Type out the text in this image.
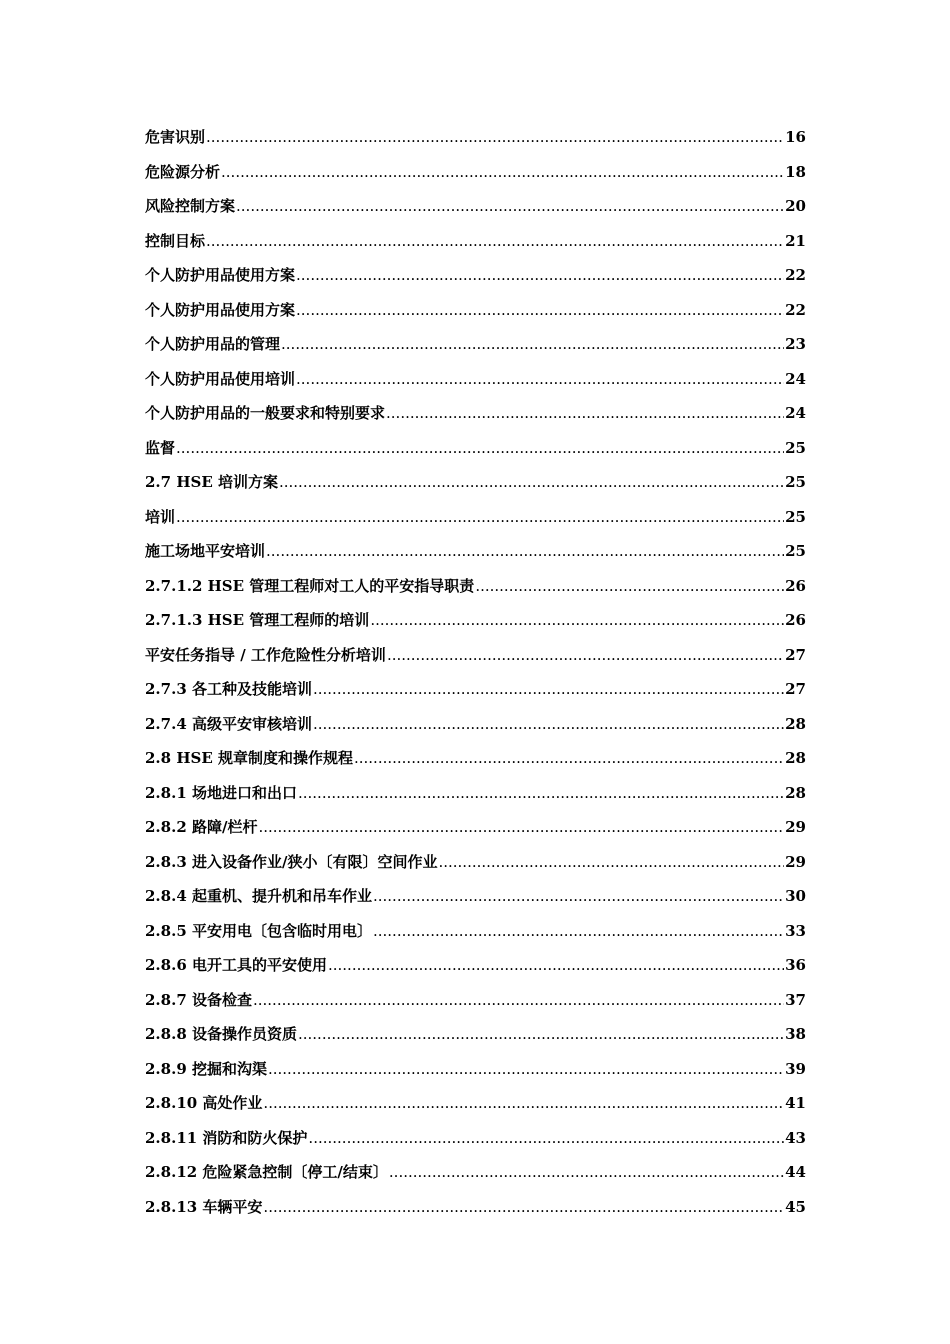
危害识别 .....	16
危险源分析 .....	18
风险控制方案 .....	20
控制目标 .....	21
个人防护用品使用方案 .....	22
个人防护用品使用方案 .....	22
个人防护用品的管理 .....	23
个人防护用品使用培训 .....	24
个人防护用品的一般要求和特别要求 .....	24
监督 .....	25
2.7 HSE 培训方案 .....	25
培训 .....	25
施工场地平安培训 .....	25
2.7.1.2 HSE 管理工程师对工人的平安指导职责 .....	26
2.7.1.3 HSE 管理工程师的培训 .....	26
平安任务指导 / 工作危险性分析培训 .....	27
2.7.3 各工种及技能培训 .....	27
2.7.4 高级平安审核培训 .....	28
2.8 HSE 规章制度和操作规程 .....	28
2.8.1 场地进口和出口 .....	28
2.8.2 路障/栏杆 .....	29
2.8.3 进入设备作业/狭小〔有限〕空间作业 .....	29
2.8.4 起重机、提升机和吊车作业 .....	30
2.8.5 平安用电〔包含临时用电〕 .....	33
2.8.6 电开工具的平安使用 .....	36
2.8.7 设备检查 .....	37
2.8.8 设备操作员资质 .....	38
2.8.9 挖掘和沟渠 .....	39
2.8.10 高处作业 .....	41
2.8.11 消防和防火保护 .....	43
2.8.12 危险紧急控制〔停工/结束〕 .....	44
2.8.13 车辆平安 .....	45
